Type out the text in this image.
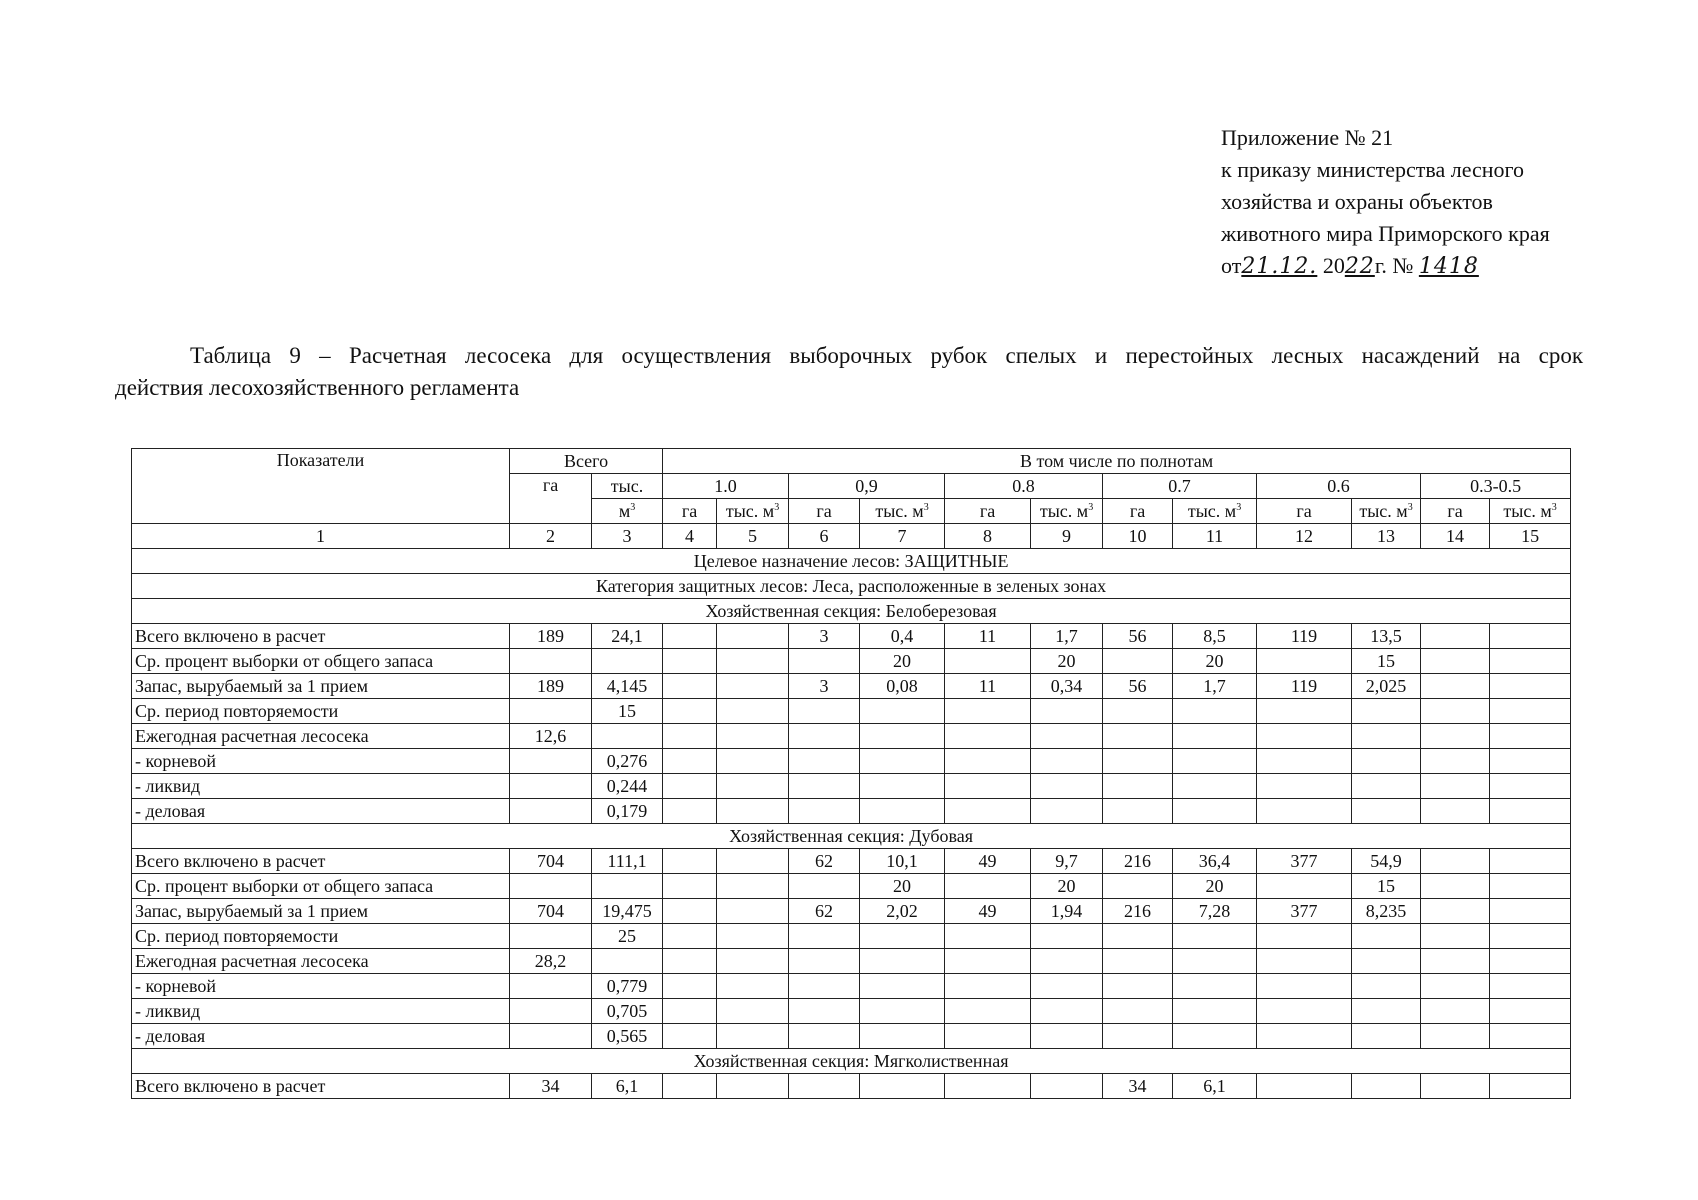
Приложение № 21
к приказу министерства лесного
хозяйства и охраны объектов
животного мира Приморского края
от21.12. 2022г. № 1418
Таблица 9 – Расчетная лесосека для осуществления выборочных рубок спелых и перестойных лесных насаждений на срок
действия лесохозяйственного регламента
Показатели	Всего		В том числе по полнотам											
	га	тыс.	1.0		0,9		0.8		0.7		0.6		0.3-0.5	
		$м^3$	га	тыс. $м^3$	га	тыс. $м^3$	га	тыс. $м^3$	га	тыс. $м^3$	га	тыс. $м^3$	га	тыс. $м^3$
1	2	3	4	5	6	7	8	9	10	11	12	13	14	15
Целевое назначение лесов: ЗАЩИТНЫЕ														
Категория защитных лесов: Леса, расположенные в зеленых зонах														
Хозяйственная секция: Белоберезовая														
Всего включено в расчет	189	24,1			3	0,4	11	1,7	56	8,5	119	13,5		
Ср. процент выборки от общего запаса						20		20		20		15		
Запас, вырубаемый за 1 прием	189	4,145			3	0,08	11	0,34	56	1,7	119	2,025		
Ср. период повторяемости		15												
Ежегодная расчетная лесосека	12,6													
- корневой		0,276												
- ликвид		0,244												
- деловая		0,179												
Хозяйственная секция: Дубовая														
Всего включено в расчет	704	111,1			62	10,1	49	9,7	216	36,4	377	54,9		
Ср. процент выборки от общего запаса						20		20		20		15		
Запас, вырубаемый за 1 прием	704	19,475			62	2,02	49	1,94	216	7,28	377	8,235		
Ср. период повторяемости		25												
Ежегодная расчетная лесосека	28,2													
- корневой		0,779												
- ликвид		0,705												
- деловая		0,565												
Хозяйственная секция: Мягколиственная														
Всего включено в расчет	34	6,1							34	6,1				
